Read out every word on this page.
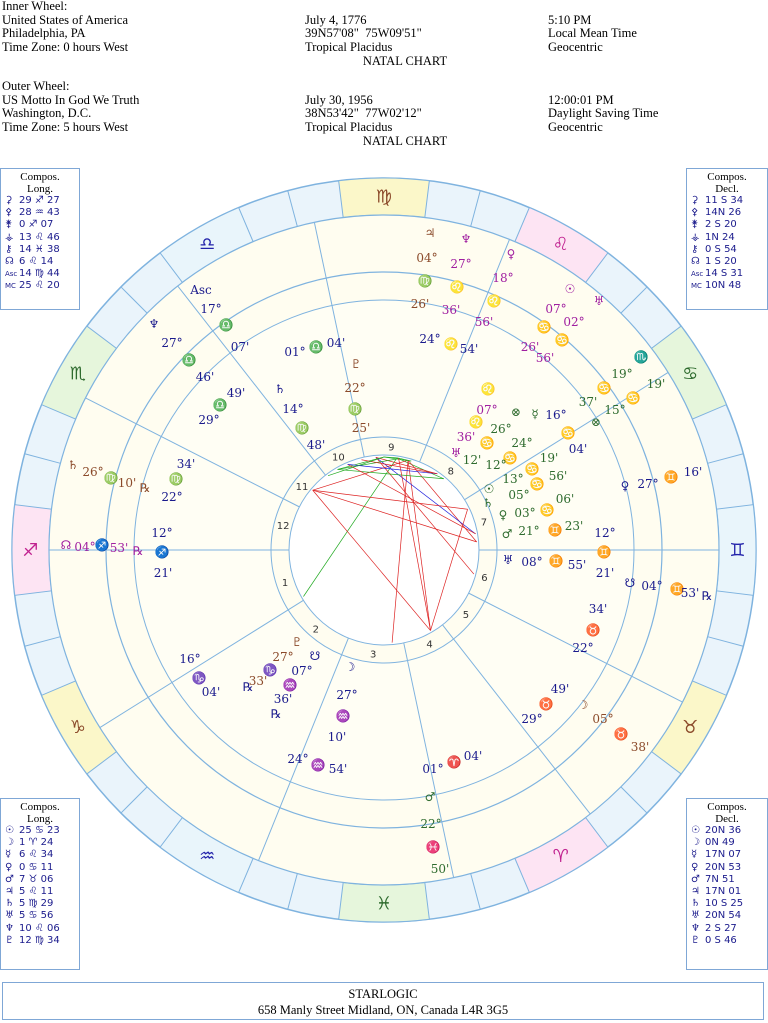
Inner Wheel:
United States of America
Philadelphia, PA
Time Zone: 0 hours West
July 4, 1776
39N57'08"  75W09'51"
Tropical Placidus
5:10 PM
Local Mean Time
Geocentric
NATAL CHART
Outer Wheel:
US Motto In God We Truth
Washington, D.C.
Time Zone: 5 hours West
July 30, 1956
38N53'42"  77W02'12"
Tropical Placidus
12:00:01 PM
Daylight Saving Time
Geocentric
NATAL CHART
♐
♑
♒
♓
♈
♉
♊
♋
♌
♍
♎
♏
1
2
3
4
5
6
7
8
9
10
11
12
♃
04°
♍
26'
♆
27°
♌
36'
♀
18°
♌
56'
☉
07°
♋
26'
♅
02°
♋
56'	♏
19°
♋
37'
19'
♋
15°
⊗
16°
♋
04'
☿
07° ⊗
♌
♌
36'
26°
♋ 24°
♋ 19'
12' 12° ♋
13° 56'
♋
♅
☉ 05° 06'
♄
03° ♋
♀
♂ 21° ♊ 23'
♅ 08° ♊ 55'
♀ 27° ♊ 16'
☋ 04° ♊
53' ℞
12°
♊
21'
34'
♉
22°
49'
♉
29°
☽
05°
♉
38'
04'
♈
01°
♂
22°
♓
50'
24° ♒ 54'
☽
27°
♒
10'
♇
27°
♑
33'
☋
07°
♒
36'
℞
16°
♑
04' ℞
12°
♐
21'
☊ 04°
♐ 53' ℞
♄ 26° ♍ 10' ℞
34'
♍
22°
49'
♎
29°
♄
14°
♍
48'
♇
22°
♍
25'
01° ♎ 04'	24° ♌ 54'
♆
27°
♎
46'
Asc
17°
♎
07'
Compos.
Long.
⚳ 29 ♐ 27
⚴ 28 ♒ 43
⚵ 0 ♐ 07
⚶ 13 ♌ 46
⚷ 14 ♓ 38
☊ 6 ♌ 14
Asc 14 ♍ 44
MC 25 ♌ 20
Compos.
Decl.
⚳ 11 S 34
⚴ 14N 26
⚵ 2 S 20
⚶ 1N 24
⚷ 0 S 54
☊ 1 S 20
Asc 14 S 31
MC 10N 48
Compos.
Long.
☉ 25 ♋ 23
☽ 1 ♈ 24
☿ 6 ♌ 34
♀ 0 ♋ 11
♂ 7 ♉ 06
♃ 5 ♌ 11
♄ 5 ♍ 29
♅ 5 ♋ 56
♆ 10 ♌ 06
♇ 12 ♍ 34
Compos.
Decl.
☉ 20N 36
☽ 0N 49
☿ 17N 07
♀ 20N 53
♂ 7N 51
♃ 17N 01
♄ 10 S 25
♅ 20N 54
♆ 2 S 27
♇ 0 S 46
STARLOGIC
658 Manly Street Midland, ON, Canada L4R 3G5
